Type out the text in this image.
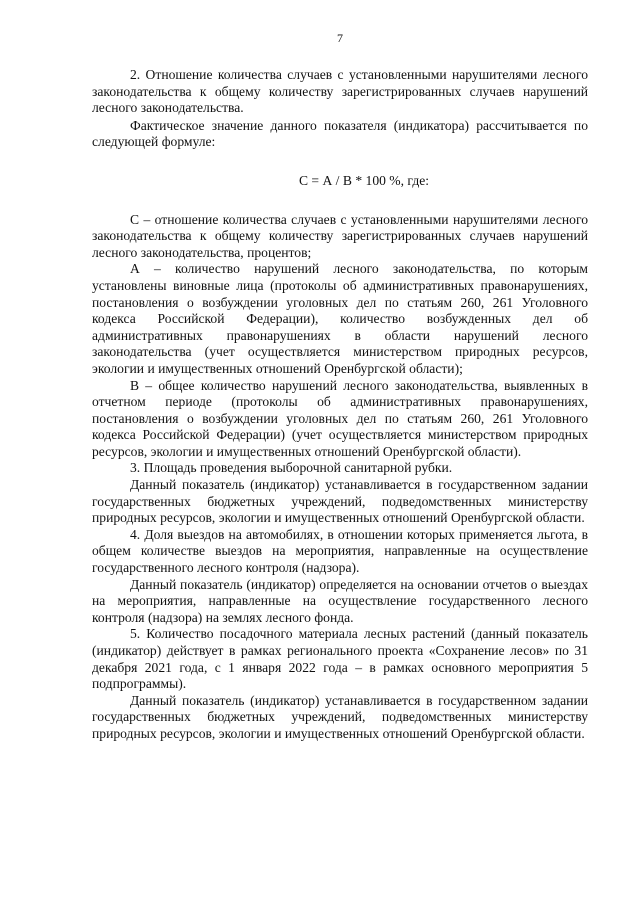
7

2. Отношение количества случаев с установленными нарушителями лесного законодательства к общему количеству зарегистрированных случаев нарушений лесного законодательства.

Фактическое значение данного показателя (индикатора) рассчитывается по следующей формуле:

С = А / В * 100 %, где:

С – отношение количества случаев с установленными нарушителями лесного законодательства к общему количеству зарегистрированных случаев нарушений лесного законодательства, процентов;

А – количество нарушений лесного законодательства, по которым установлены виновные лица (протоколы об административных правонарушениях, постановления о возбуждении уголовных дел по статьям 260, 261 Уголовного кодекса Российской Федерации), количество возбужденных дел об административных правонарушениях в области нарушений лесного законодательства (учет осуществляется министерством природных ресурсов, экологии и имущественных отношений Оренбургской области);

В – общее количество нарушений лесного законодательства, выявленных в отчетном периоде (протоколы об административных правонарушениях, постановления о возбуждении уголовных дел по статьям 260, 261 Уголовного кодекса Российской Федерации) (учет осуществляется министерством природных ресурсов, экологии и имущественных отношений Оренбургской области).

3. Площадь проведения выборочной санитарной рубки.

Данный показатель (индикатор) устанавливается в государственном задании государственных бюджетных учреждений, подведомственных министерству природных ресурсов, экологии и имущественных отношений Оренбургской области.

4. Доля выездов на автомобилях, в отношении которых применяется льгота, в общем количестве выездов на мероприятия, направленные на осуществление государственного лесного контроля (надзора).

Данный показатель (индикатор) определяется на основании отчетов о выездах на мероприятия, направленные на осуществление государственного лесного контроля (надзора) на землях лесного фонда.

5. Количество посадочного материала лесных растений (данный показатель (индикатор) действует в рамках регионального проекта «Сохранение лесов» по 31 декабря 2021 года, с 1 января 2022 года – в рамках основного мероприятия 5 подпрограммы).

Данный показатель (индикатор) устанавливается в государственном задании государственных бюджетных учреждений, подведомственных министерству природных ресурсов, экологии и имущественных отношений Оренбургской области.
